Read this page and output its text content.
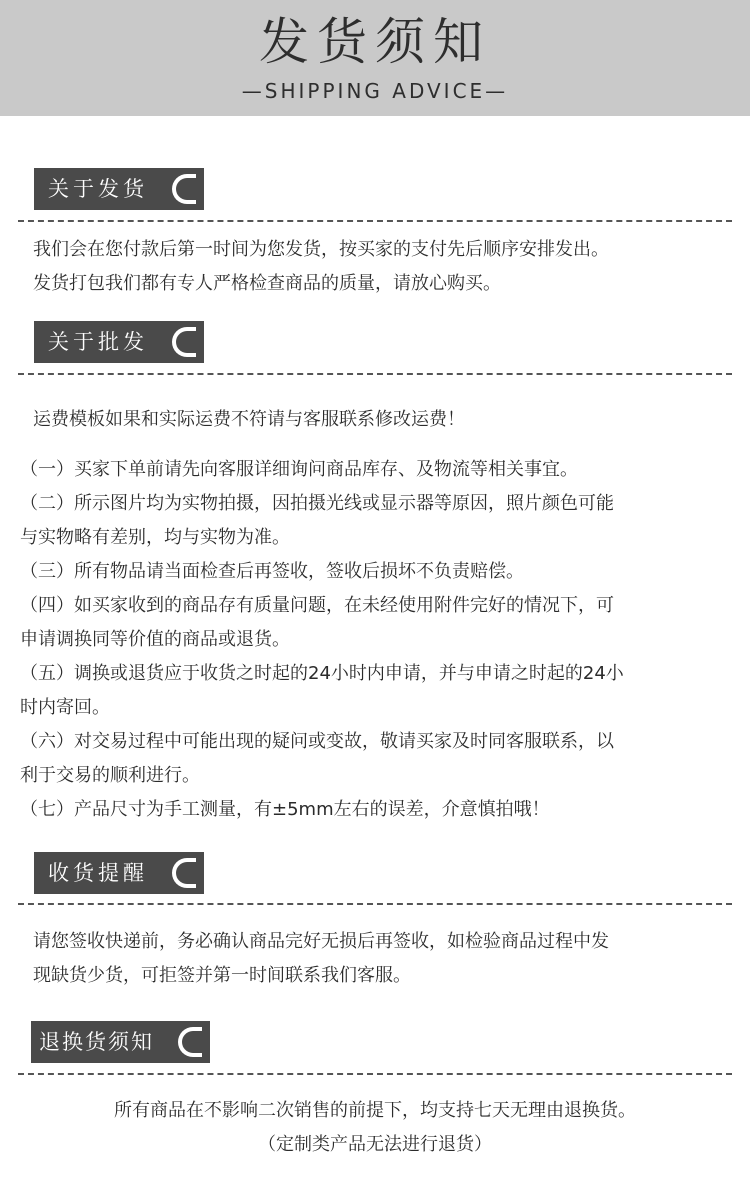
发货须知
—SHIPPING ADVICE—
关于发货
我们会在您付款后第一时间为您发货，按买家的支付先后顺序安排发出。
发货打包我们都有专人严格检查商品的质量，请放心购买。
关于批发
运费模板如果和实际运费不符请与客服联系修改运费！
（一）买家下单前请先向客服详细询问商品库存、及物流等相关事宜。
（二）所示图片均为实物拍摄，因拍摄光线或显示器等原因，照片颜色可能
与实物略有差别，均与实物为准。
（三）所有物品请当面检查后再签收，签收后损坏不负责赔偿。
（四）如买家收到的商品存有质量问题，在未经使用附件完好的情况下，可
申请调换同等价值的商品或退货。
（五）调换或退货应于收货之时起的24小时内申请，并与申请之时起的24小
时内寄回。
（六）对交易过程中可能出现的疑问或变故，敬请买家及时同客服联系，以
利于交易的顺利进行。
（七）产品尺寸为手工测量，有±5mm左右的误差，介意慎拍哦！
收货提醒
请您签收快递前，务必确认商品完好无损后再签收，如检验商品过程中发
现缺货少货，可拒签并第一时间联系我们客服。
退换货须知
所有商品在不影响二次销售的前提下，均支持七天无理由退换货。
（定制类产品无法进行退货）
